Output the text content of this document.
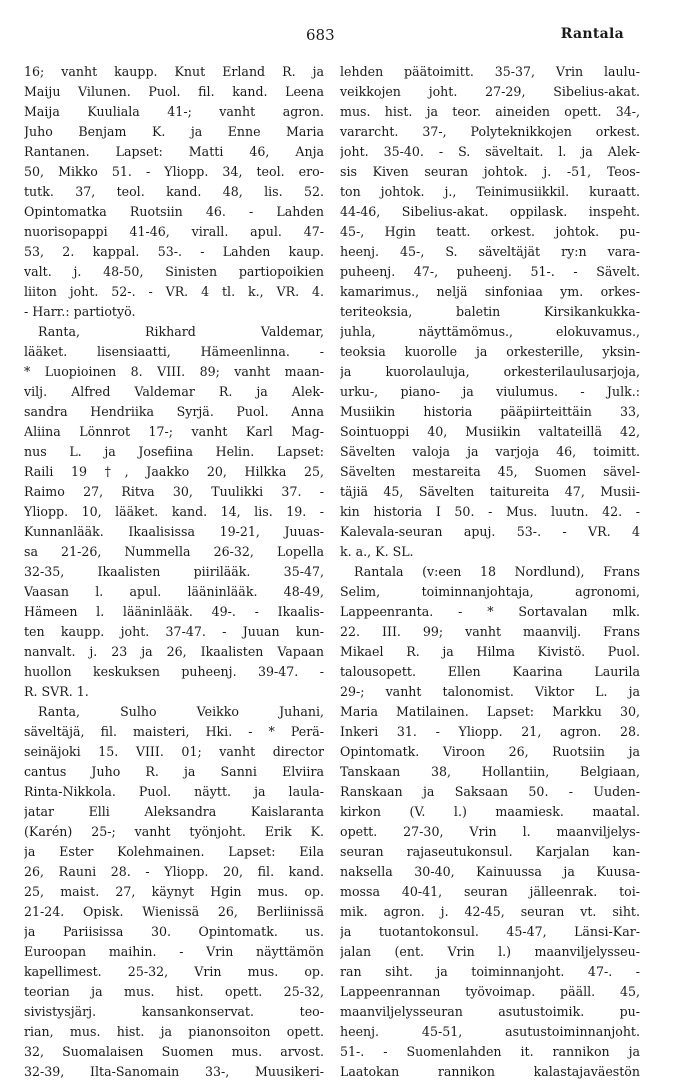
683	Rantala
16; vanht kaupp. Knut Erland R. ja
Maiju Vilunen. Puol. fil. kand. Leena
Maija Kuuliala 41-; vanht agron.
Juho Benjam K. ja Enne Maria
Rantanen. Lapset: Matti 46, Anja
50, Mikko 51. - Yliopp. 34, teol. ero-
tutk. 37, teol. kand. 48, lis. 52.
Opintomatka Ruotsiin 46. - Lahden
nuorisopappi 41-46, virall. apul. 47-
53, 2. kappal. 53-. - Lahden kaup.
valt. j. 48-50, Sinisten partiopoikien
liiton joht. 52-. - VR. 4 tl. k., VR. 4.
- Harr.: partiotyö.
Ranta, Rikhard Valdemar,
lääket. lisensiaatti, Hämeenlinna. -
* Luopioinen 8. VIII. 89; vanht maan-
vilj. Alfred Valdemar R. ja Alek-
sandra Hendriika Syrjä. Puol. Anna
Aliina Lönnrot 17-; vanht Karl Mag-
nus L. ja Josefiina Helin. Lapset:
Raili 19 †, Jaakko 20, Hilkka 25,
Raimo 27, Ritva 30, Tuulikki 37. -
Yliopp. 10, lääket. kand. 14, lis. 19. -
Kunnanlääk. Ikaalisissa 19-21, Juuas-
sa 21-26, Nummella 26-32, Lopella
32-35, Ikaalisten piirilääk. 35-47,
Vaasan l. apul. lääninlääk. 48-49,
Hämeen l. lääninlääk. 49-. - Ikaalis-
ten kaupp. joht. 37-47. - Juuan kun-
nanvalt. j. 23 ja 26, Ikaalisten Vapaan
huollon keskuksen puheenj. 39-47. -
R. SVR. 1.
Ranta, Sulho Veikko Juhani,
säveltäjä, fil. maisteri, Hki. - * Perä-
seinäjoki 15. VIII. 01; vanht director
cantus Juho R. ja Sanni Elviira
Rinta-Nikkola. Puol. näytt. ja laula-
jatar Elli Aleksandra Kaislaranta
(Karén) 25-; vanht työnjoht. Erik K.
ja Ester Kolehmainen. Lapset: Eila
26, Rauni 28. - Yliopp. 20, fil. kand.
25, maist. 27, käynyt Hgin mus. op.
21-24. Opisk. Wienissä 26, Berliinissä
ja Pariisissa 30. Opintomatk. us.
Euroopan maihin. - Vrin näyttämön
kapellimest. 25-32, Vrin mus. op.
teorian ja mus. hist. opett. 25-32,
sivistysjärj. kansankonservat. teo-
rian, mus. hist. ja pianonsoiton opett.
32, Suomalaisen Suomen mus. arvost.
32-39, Ilta-Sanomain 33-, Muusikeri-
lehden päätoimitt. 35-37, Vrin laulu-
veikkojen joht. 27-29, Sibelius-akat.
mus. hist. ja teor. aineiden opett. 34-,
vararcht. 37-, Polyteknikkojen orkest.
joht. 35-40. - S. säveltait. l. ja Alek-
sis Kiven seuran johtok. j. -51, Teos-
ton johtok. j., Teinimusiikkil. kuraatt.
44-46, Sibelius-akat. oppilask. inspeht.
45-, Hgin teatt. orkest. johtok. pu-
heenj. 45-, S. säveltäjät ry:n vara-
puheenj. 47-, puheenj. 51-. - Sävelt.
kamarimus., neljä sinfoniaa ym. orkes-
teriteoksia, baletin Kirsikankukka-
juhla, näyttämömus., elokuvamus.,
teoksia kuorolle ja orkesterille, yksin-
ja kuorolauluja, orkesterilaulusarjoja,
urku-, piano- ja viulumus. - Julk.:
Musiikin historia pääpiirteittäin 33,
Sointuoppi 40, Musiikin valtateillä 42,
Sävelten valoja ja varjoja 46, toimitt.
Sävelten mestareita 45, Suomen sävel-
täjiä 45, Sävelten taitureita 47, Musii-
kin historia I 50. - Mus. luutn. 42. -
Kalevala-seuran apuj. 53-. - VR. 4
k. a., K. SL.
Rantala (v:een 18 Nordlund), Frans
Selim, toiminnanjohtaja, agronomi,
Lappeenranta. - * Sortavalan mlk.
22. III. 99; vanht maanvilj. Frans
Mikael R. ja Hilma Kivistö. Puol.
talousopett. Ellen Kaarina Laurila
29-; vanht talonomist. Viktor L. ja
Maria Matilainen. Lapset: Markku 30,
Inkeri 31. - Yliopp. 21, agron. 28.
Opintomatk. Viroon 26, Ruotsiin ja
Tanskaan 38, Hollantiin, Belgiaan,
Ranskaan ja Saksaan 50. - Uuden-
kirkon (V. l.) maamiesk. maatal.
opett. 27-30, Vrin l. maanviljelys-
seuran rajaseutukonsul. Karjalan kan-
naksella 30-40, Kainuussa ja Kuusa-
mossa 40-41, seuran jälleenrak. toi-
mik. agron. j. 42-45, seuran vt. siht.
ja tuotantokonsul. 45-47, Länsi-Kar-
jalan (ent. Vrin l.) maanviljelysseu-
ran siht. ja toiminnanjoht. 47-. -
Lappeenrannan työvoimap. pääll. 45,
maanviljelysseuran asutustoimik. pu-
heenj. 45-51, asutustoiminnanjoht.
51-. - Suomenlahden it. rannikon ja
Laatokan rannikon kalastajaväestön
